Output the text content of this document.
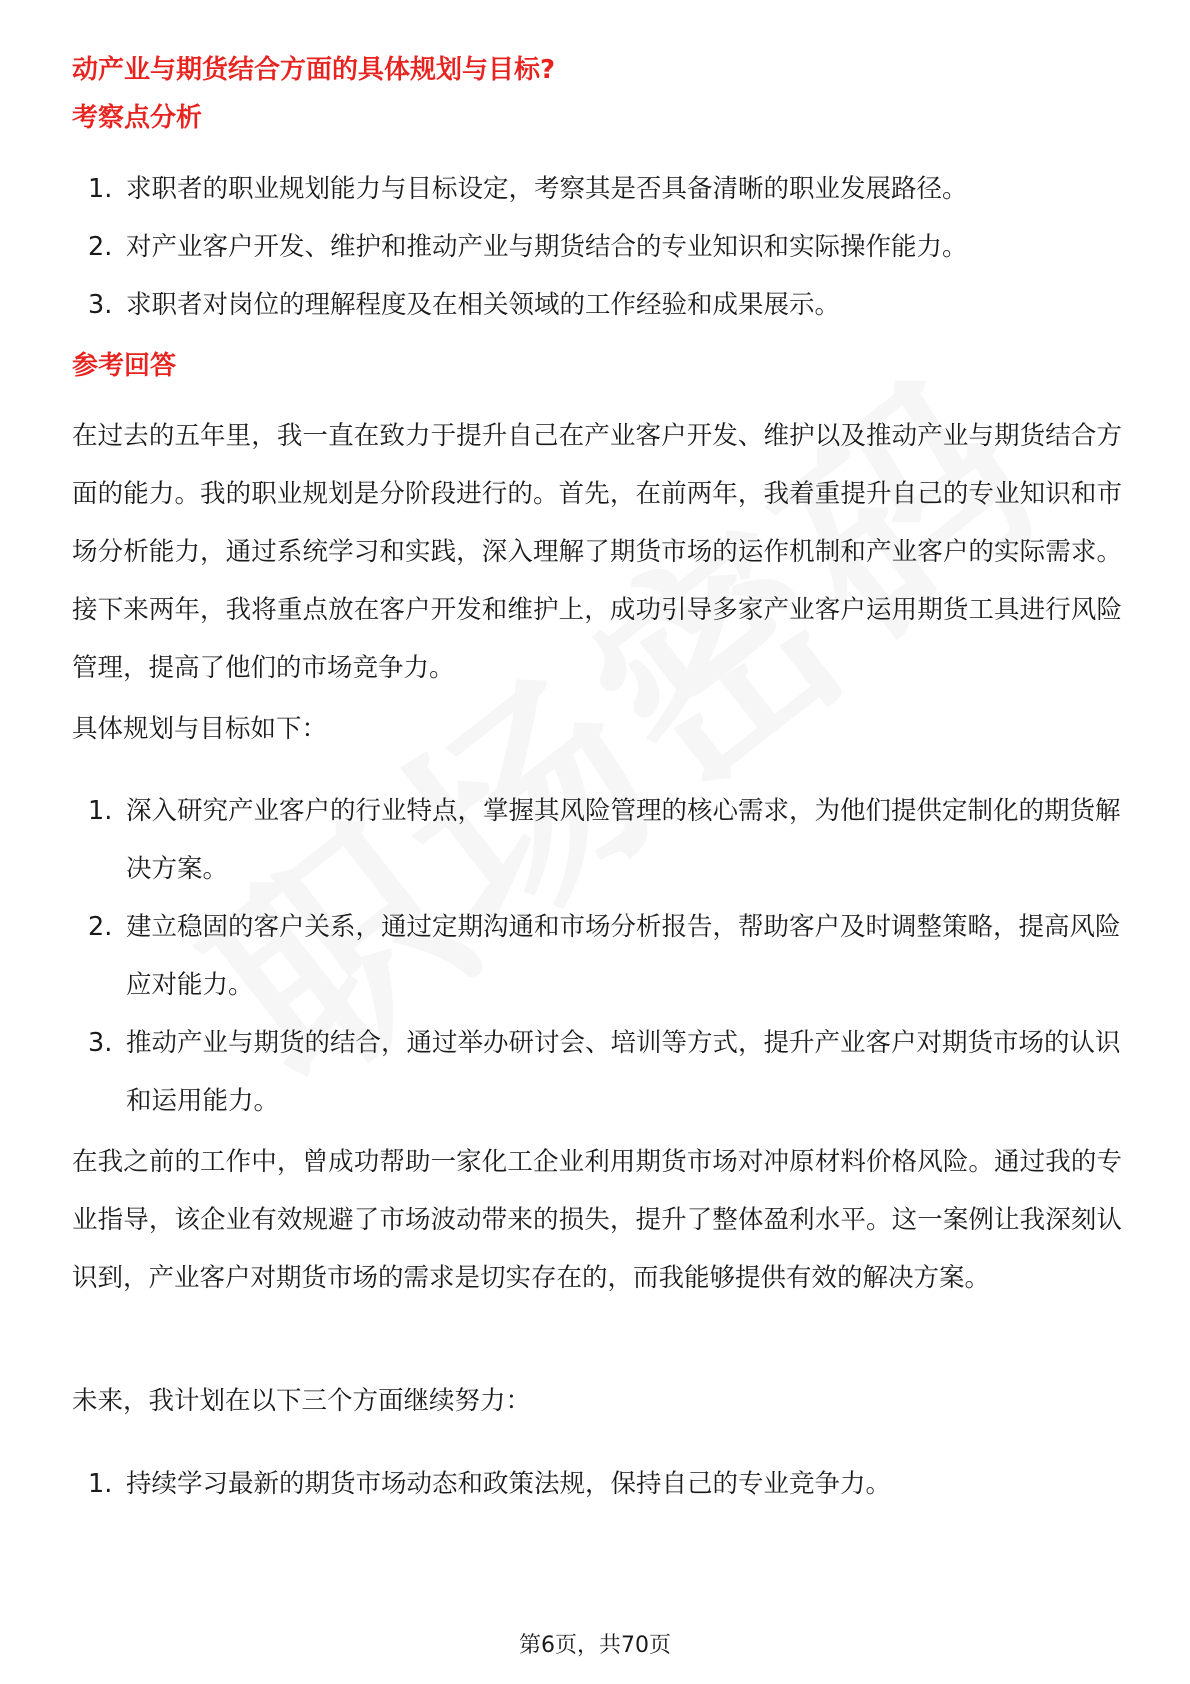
动产业与期货结合方面的具体规划与目标?
考察点分析
1. 求职者的职业规划能力与目标设定，考察其是否具备清晰的职业发展路径。
2. 对产业客户开发、维护和推动产业与期货结合的专业知识和实际操作能力。
3. 求职者对岗位的理解程度及在相关领域的工作经验和成果展示。
参考回答

在过去的五年里，我一直在致力于提升自己在产业客户开发、维护以及推动产业与期货结合方面的能力。我的职业规划是分阶段进行的。首先，在前两年，我着重提升自己的专业知识和市场分析能力，通过系统学习和实践，深入理解了期货市场的运作机制和产业客户的实际需求。接下来两年，我将重点放在客户开发和维护上，成功引导多家产业客户运用期货工具进行风险管理，提高了他们的市场竞争力。

具体规划与目标如下：

1. 深入研究产业客户的行业特点，掌握其风险管理的核心需求，为他们提供定制化的期货解决方案。
2. 建立稳固的客户关系，通过定期沟通和市场分析报告，帮助客户及时调整策略，提高风险应对能力。
3. 推动产业与期货的结合，通过举办研讨会、培训等方式，提升产业客户对期货市场的认识和运用能力。

在我之前的工作中，曾成功帮助一家化工企业利用期货市场对冲原材料价格风险。通过我的专业指导，该企业有效规避了市场波动带来的损失，提升了整体盈利水平。这一案例让我深刻认识到，产业客户对期货市场的需求是切实存在的，而我能够提供有效的解决方案。

未来，我计划在以下三个方面继续努力：

1. 持续学习最新的期货市场动态和政策法规，保持自己的专业竞争力。
第6页，共70页
